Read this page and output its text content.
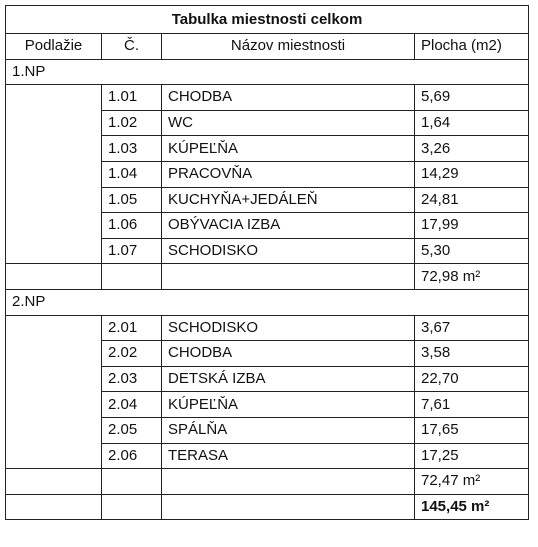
Tabulka miestnosti celkom			
Podlažie	Č.	Názov miestnosti	Plocha (m2)
1.NP			
	1.01	CHODBA	5,69
	1.02	WC	1,64
	1.03	KÚPEĽŇA	3,26
	1.04	PRACOVŇA	14,29
	1.05	KUCHYŇA+JEDÁLEŇ	24,81
	1.06	OBÝVACIA IZBA	17,99
	1.07	SCHODISKO	5,30
			72,98 m²
2.NP			
	2.01	SCHODISKO	3,67
	2.02	CHODBA	3,58
	2.03	DETSKÁ IZBA	22,70
	2.04	KÚPEĽŇA	7,61
	2.05	SPÁLŇA	17,65
	2.06	TERASA	17,25
			72,47 m²
			145,45 m²
